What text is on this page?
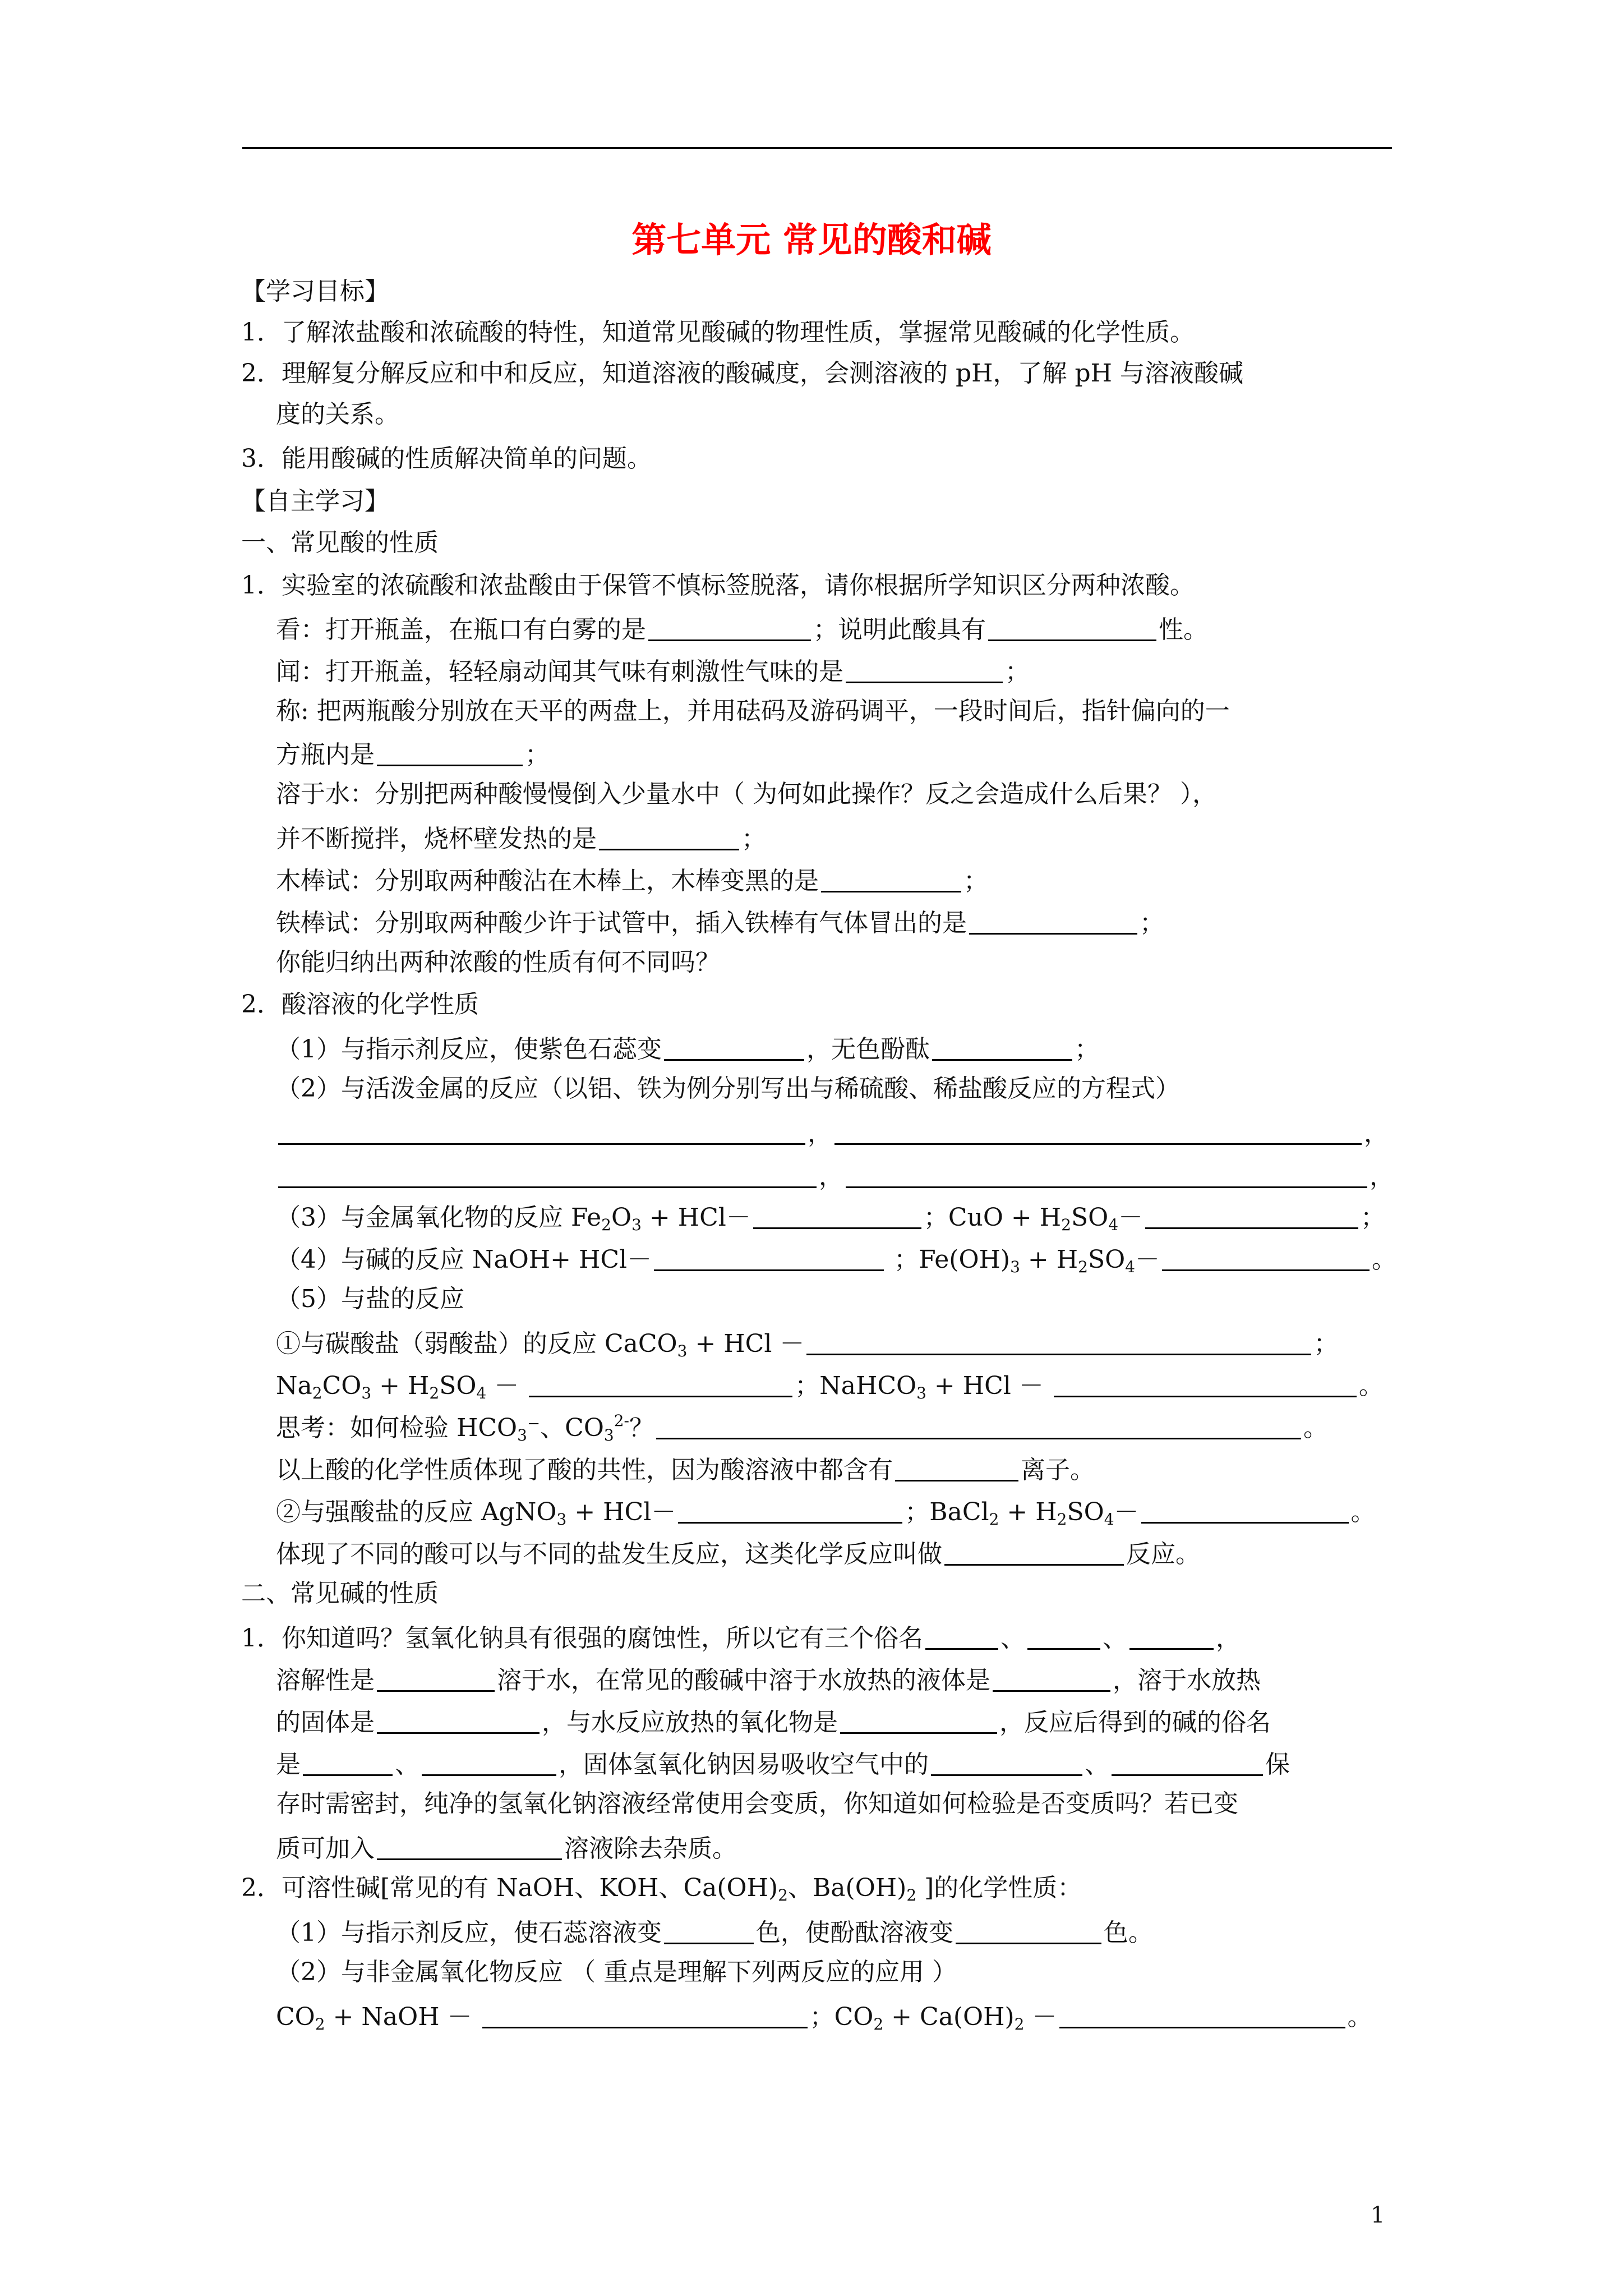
第七单元 常见的酸和碱
【学习目标】
1．了解浓盐酸和浓硫酸的特性，知道常见酸碱的物理性质，掌握常见酸碱的化学性质。
2．理解复分解反应和中和反应，知道溶液的酸碱度，会测溶液的 pH，了解 pH 与溶液酸碱
度的关系。
3．能用酸碱的性质解决简单的问题。
【自主学习】
一、常见酸的性质
1．实验室的浓硫酸和浓盐酸由于保管不慎标签脱落，请你根据所学知识区分两种浓酸。
看：打开瓶盖，在瓶口有白雾的是	；说明此酸具有	性。
闻：打开瓶盖，轻轻扇动闻其气味有刺激性气味的是	；
称: 把两瓶酸分别放在天平的两盘上，并用砝码及游码调平，一段时间后，指针偏向的一
方瓶内是	；
溶于水：分别把两种酸慢慢倒入少量水中（ 为何如此操作？反之会造成什么后果？ ），
并不断搅拌，烧杯壁发热的是	；
木棒试：分别取两种酸沾在木棒上，木棒变黑的是	；
铁棒试：分别取两种酸少许于试管中，插入铁棒有气体冒出的是	；
你能归纳出两种浓酸的性质有何不同吗？
2．酸溶液的化学性质
（1）与指示剂反应，使紫色石蕊变	，无色酚酞	；
（2）与活泼金属的反应（以铝、铁为例分别写出与稀硫酸、稀盐酸反应的方程式）
，	，
，	，
（3）与金属氧化物的反应 $Fe_2O_3 + HCl-$	；CuO + $H_2SO_4-$	；
（4）与碱的反应 NaOH+ HCl－	；$Fe(OH)_3 + H_2SO_4-$	。
（5）与盐的反应
①与碳酸盐（弱酸盐）的反应 CaCO$_3$ + HCl －	；
$Na_2CO_3 + H_2SO_4$ －	；NaHCO$_3$ + HCl －	。
思考：如何检验 $HCO_3^-$、$CO_3^{2-}$？	。
以上酸的化学性质体现了酸的共性，因为酸溶液中都含有	离子。
②与强酸盐的反应 AgNO$_3$ + HCl－	；BaCl$_2$ + $H_2SO_4-$	。
体现了不同的酸可以与不同的盐发生反应，这类化学反应叫做	反应。
二、常见碱的性质
1．你知道吗？氢氧化钠具有很强的腐蚀性，所以它有三个俗名	、	、	，
溶解性是	溶于水，在常见的酸碱中溶于水放热的液体是	，溶于水放热
的固体是	，与水反应放热的氧化物是	，反应后得到的碱的俗名
是	、	，固体氢氧化钠因易吸收空气中的	、	保
存时需密封，纯净的氢氧化钠溶液经常使用会变质，你知道如何检验是否变质吗？若已变
质可加入	溶液除去杂质。
2．可溶性碱[常见的有 NaOH、KOH、$Ca(OH)_2$、$Ba(OH)_2$ ]的化学性质：
（1）与指示剂反应，使石蕊溶液变	色，使酚酞溶液变	色。
（2）与非金属氧化物反应 （ 重点是理解下列两反应的应用 ）
$CO_2$ + NaOH －	；$CO_2 + Ca(OH)_2$ －	。
1
